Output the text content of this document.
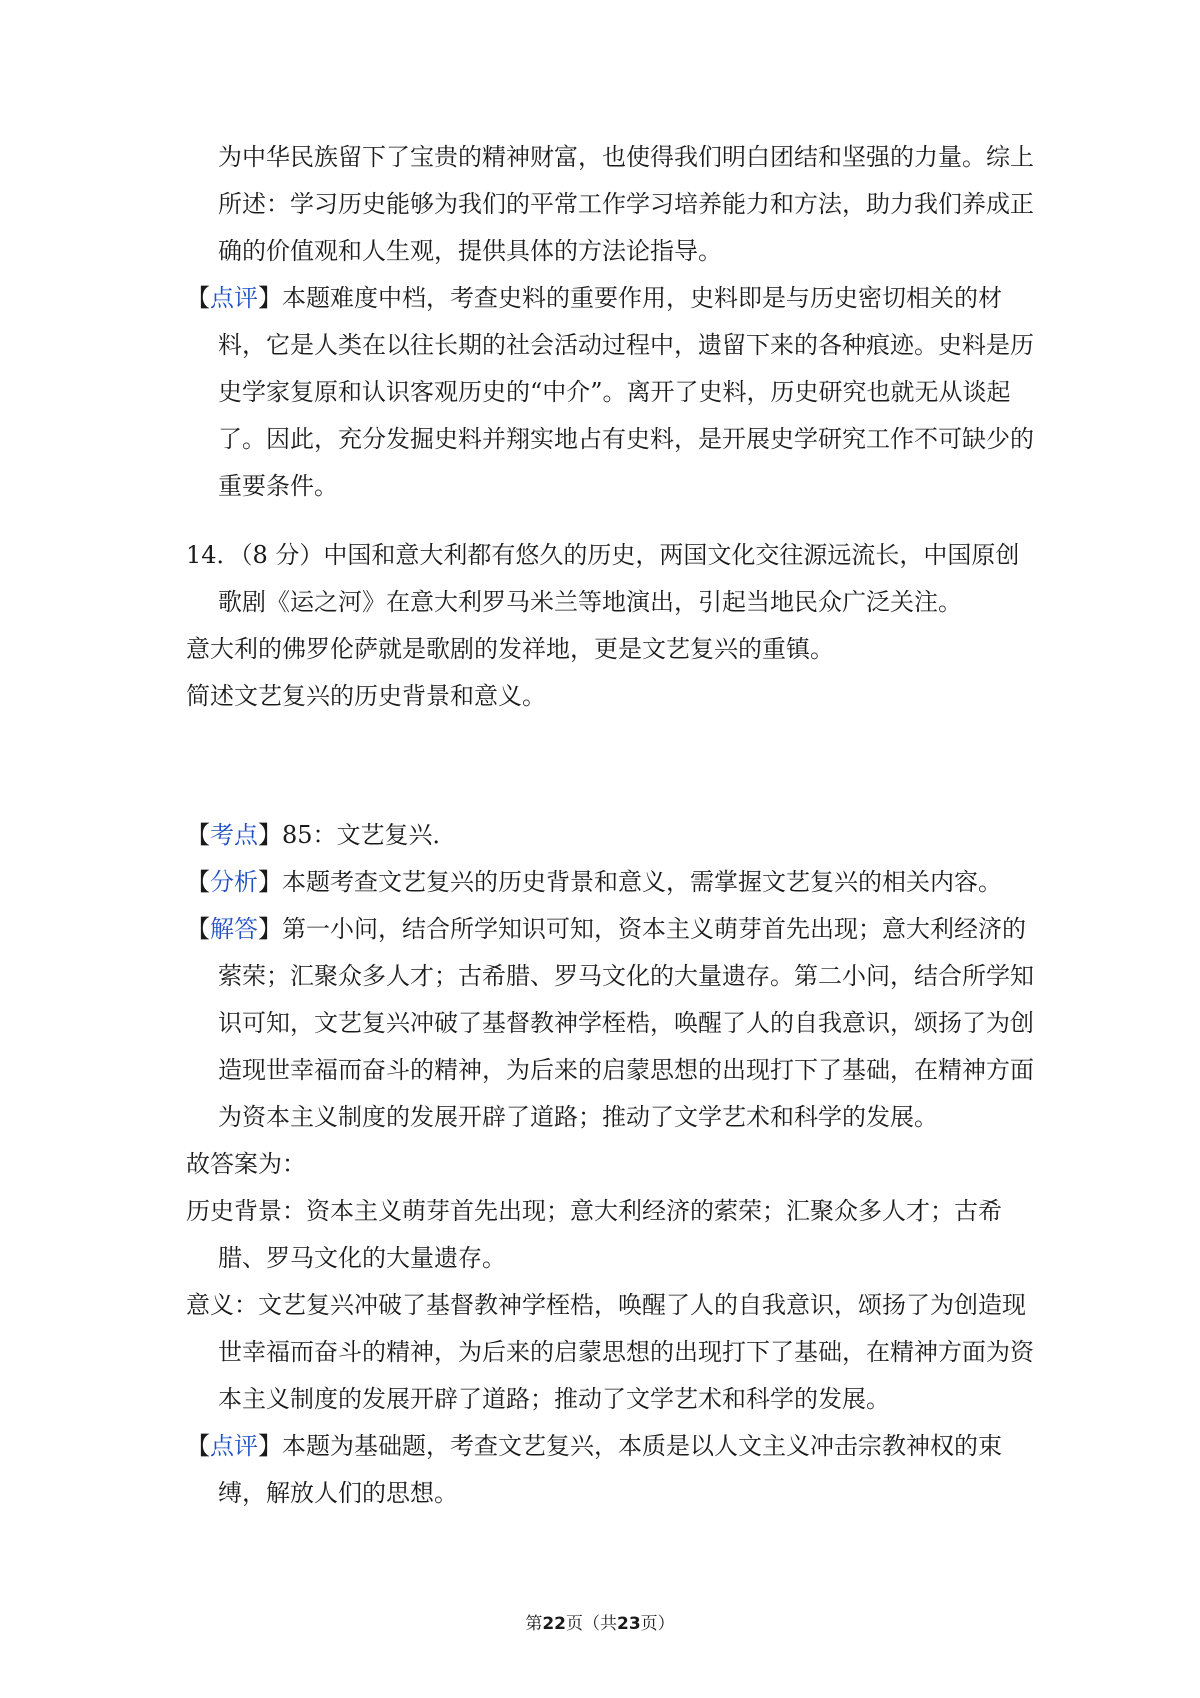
为中华民族留下了宝贵的精神财富，也使得我们明白团结和坚强的力量。综上所述：学习历史能够为我们的平常工作学习培养能力和方法，助力我们养成正确的价值观和人生观，提供具体的方法论指导。

【点评】本题难度中档，考查史料的重要作用，史料即是与历史密切相关的材料，它是人类在以往长期的社会活动过程中，遗留下来的各种痕迹。史料是历史学家复原和认识客观历史的“中介”。离开了史料，历史研究也就无从谈起了。因此，充分发掘史料并翔实地占有史料，是开展史学研究工作不可缺少的重要条件。

14．（8 分）中国和意大利都有悠久的历史，两国文化交往源远流长，中国原创歌剧《运之河》在意大利罗马米兰等地演出，引起当地民众广泛关注。

意大利的佛罗伦萨就是歌剧的发祥地，更是文艺复兴的重镇。

简述文艺复兴的历史背景和意义。

【考点】85：文艺复兴．

【分析】本题考查文艺复兴的历史背景和意义，需掌握文艺复兴的相关内容。

【解答】第一小问，结合所学知识可知，资本主义萌芽首先出现；意大利经济的萦荣；汇聚众多人才；古希腊、罗马文化的大量遗存。第二小问，结合所学知识可知，文艺复兴冲破了基督教神学桎梏，唤醒了人的自我意识，颂扬了为创造现世幸福而奋斗的精神，为后来的启蒙思想的出现打下了基础，在精神方面为资本主义制度的发展开辟了道路；推动了文学艺术和科学的发展。

故答案为：

历史背景：资本主义萌芽首先出现；意大利经济的萦荣；汇聚众多人才；古希腊、罗马文化的大量遗存。

意义：文艺复兴冲破了基督教神学桎梏，唤醒了人的自我意识，颂扬了为创造现世幸福而奋斗的精神，为后来的启蒙思想的出现打下了基础，在精神方面为资本主义制度的发展开辟了道路；推动了文学艺术和科学的发展。

【点评】本题为基础题，考查文艺复兴，本质是以人文主义冲击宗教神权的束缚，解放人们的思想。

第22页（共23页）
